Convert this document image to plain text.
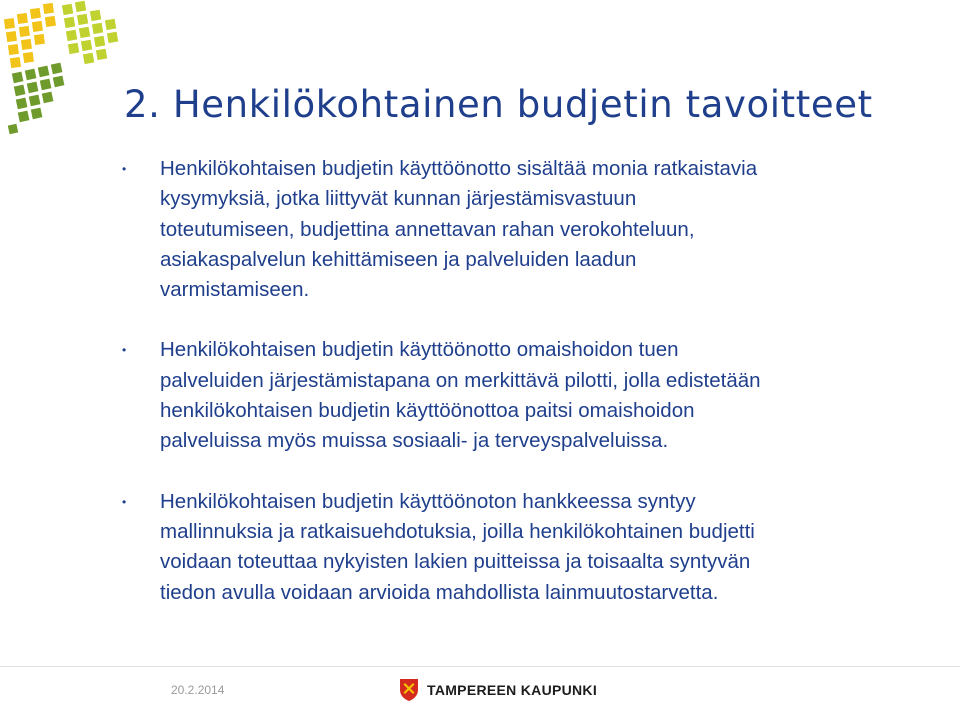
2. Henkilökohtainen budjetin tavoitteet
• Henkilökohtaisen budjetin käyttöönotto sisältää monia ratkaistavia
kysymyksiä, jotka liittyvät kunnan järjestämisvastuun
toteutumiseen, budjettina annettavan rahan verokohteluun,
asiakaspalvelun kehittämiseen ja palveluiden laadun
varmistamiseen.
• Henkilökohtaisen budjetin käyttöönotto omaishoidon tuen
palveluiden järjestämistapana on merkittävä pilotti, jolla edistetään
henkilökohtaisen budjetin käyttöönottoa paitsi omaishoidon
palveluissa myös muissa sosiaali- ja terveyspalveluissa.
• Henkilökohtaisen budjetin käyttöönoton hankkeessa syntyy
mallinnuksia ja ratkaisuehdotuksia, joilla henkilökohtainen budjetti
voidaan toteuttaa nykyisten lakien puitteissa ja toisaalta syntyvän
tiedon avulla voidaan arvioida mahdollista lainmuutostarvetta.
20.2.2014	TAMPEREEN KAUPUNKI
